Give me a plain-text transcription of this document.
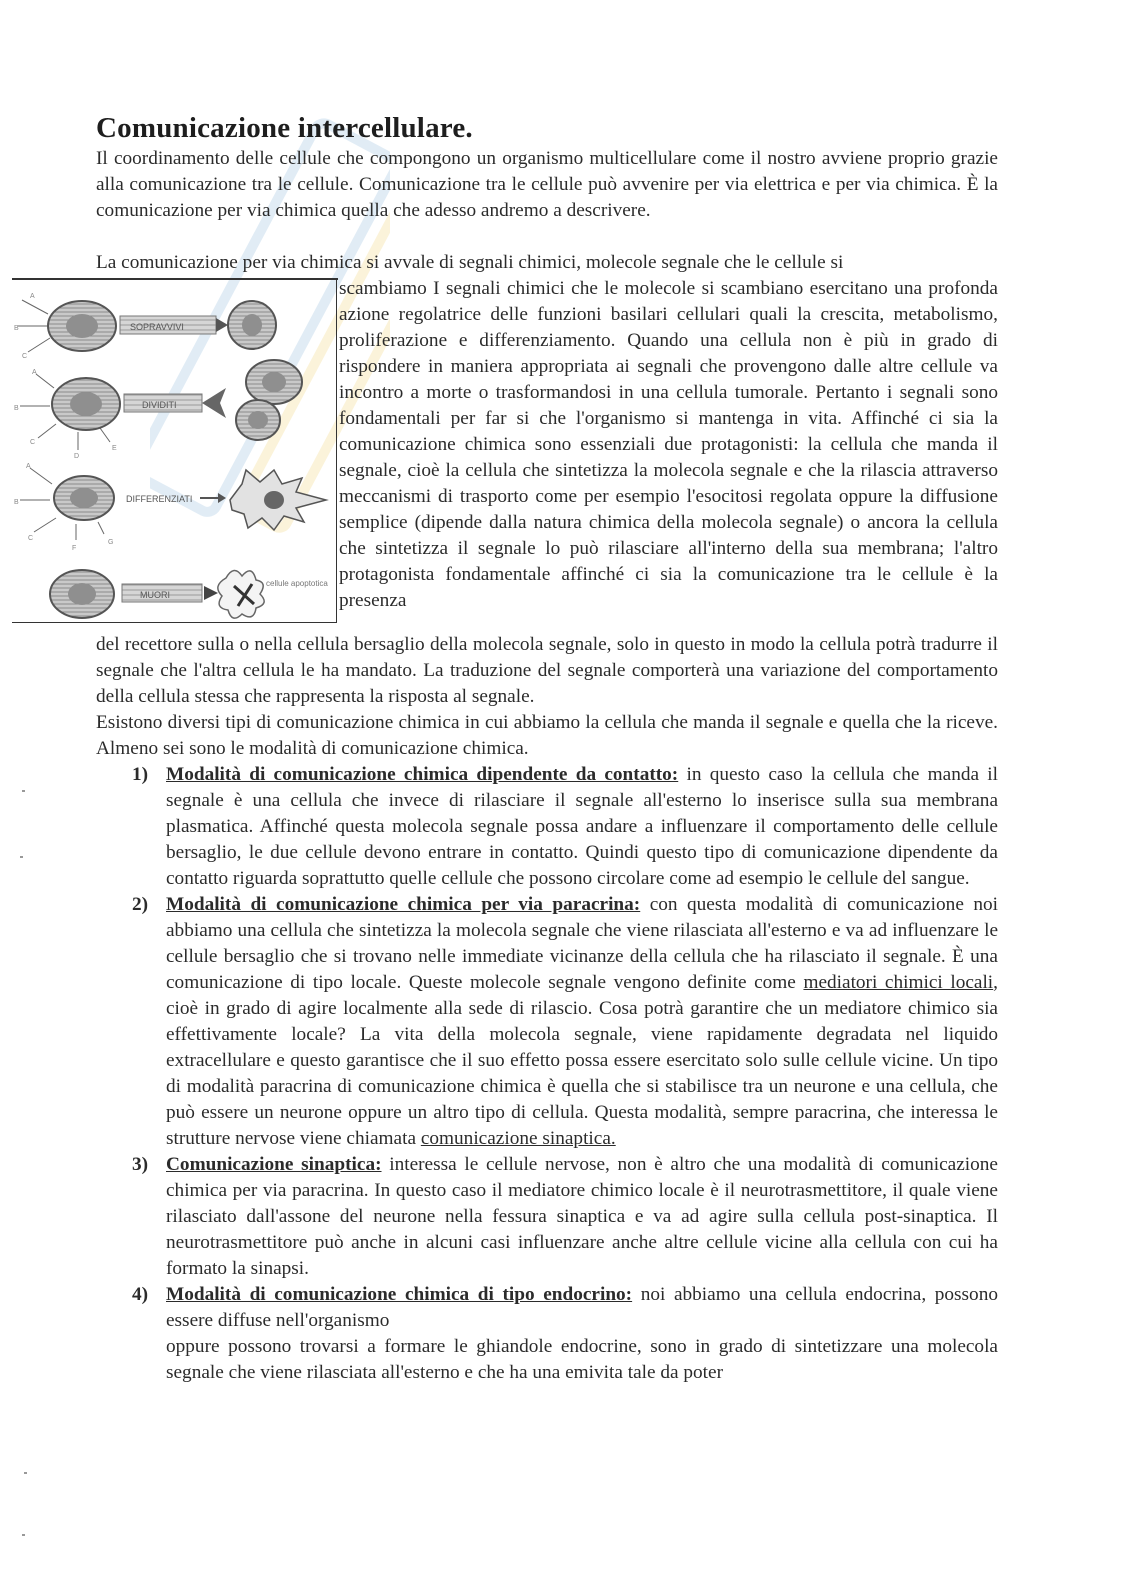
Comunicazione intercellulare.
Il coordinamento delle cellule che compongono un organismo multicellulare come il nostro avviene proprio grazie alla comunicazione tra le cellule. Comunicazione tra le cellule può avvenire per via elettrica e per via chimica. È la comunicazione per via chimica quella che adesso andremo a descrivere.
La comunicazione per via chimica si avvale di segnali chimici, molecole segnale che le cellule si
SOPRAVVIVI
DIVIDITI
DIFFERENZIATI
MUORI
cellule apoptotica
A
B
C
A
B
C
D
E
A
B
C
F
G
scambiamo I segnali chimici che le molecole si scambiano esercitano una profonda azione regolatrice delle funzioni basilari cellulari quali la crescita, metabolismo, proliferazione e differenziamento. Quando una cellula non è più in grado di rispondere in maniera appropriata ai segnali che provengono dalle altre cellule va incontro a morte o trasformandosi in una cellula tumorale. Pertanto i segnali sono fondamentali per far si che l'organismo si mantenga in vita. Affinché ci sia la comunicazione chimica sono essenziali due protagonisti: la cellula che manda il segnale, cioè la cellula che sintetizza la molecola segnale e che la rilascia attraverso meccanismi di trasporto come per esempio l'esocitosi regolata oppure la diffusione semplice (dipende dalla natura chimica della molecola segnale) o ancora la cellula che sintetizza il segnale lo può rilasciare all'interno della sua membrana; l'altro protagonista fondamentale affinché ci sia la comunicazione tra le cellule è la presenza
del recettore sulla o nella cellula bersaglio della molecola segnale, solo in questo in modo la cellula potrà tradurre il segnale che l'altra cellula le ha mandato. La traduzione del segnale comporterà una variazione del comportamento della cellula stessa che rappresenta la risposta al segnale.
Esistono diversi tipi di comunicazione chimica in cui abbiamo la cellula che manda il segnale e quella che la riceve. Almeno sei sono le modalità di comunicazione chimica.
1) Modalità di comunicazione chimica dipendente da contatto: in questo caso la cellula che manda il segnale è una cellula che invece di rilasciare il segnale all'esterno lo inserisce sulla sua membrana plasmatica. Affinché questa molecola segnale possa andare a influenzare il comportamento delle cellule bersaglio, le due cellule devono entrare in contatto. Quindi questo tipo di comunicazione dipendente da contatto riguarda soprattutto quelle cellule che possono circolare come ad esempio le cellule del sangue.
2) Modalità di comunicazione chimica per via paracrina: con questa modalità di comunicazione noi abbiamo una cellula che sintetizza la molecola segnale che viene rilasciata all'esterno e va ad influenzare le cellule bersaglio che si trovano nelle immediate vicinanze della cellula che ha rilasciato il segnale. È una comunicazione di tipo locale. Queste molecole segnale vengono definite come mediatori chimici locali, cioè in grado di agire localmente alla sede di rilascio. Cosa potrà garantire che un mediatore chimico sia effettivamente locale? La vita della molecola segnale, viene rapidamente degradata nel liquido extracellulare e questo garantisce che il suo effetto possa essere esercitato solo sulle cellule vicine. Un tipo di modalità paracrina di comunicazione chimica è quella che si stabilisce tra un neurone e una cellula, che può essere un neurone oppure un altro tipo di cellula. Questa modalità, sempre paracrina, che interessa le strutture nervose viene chiamata comunicazione sinaptica.
3) Comunicazione sinaptica: interessa le cellule nervose, non è altro che una modalità di comunicazione chimica per via paracrina. In questo caso il mediatore chimico locale è il neurotrasmettitore, il quale viene rilasciato dall'assone del neurone nella fessura sinaptica e va ad agire sulla cellula post-sinaptica. Il neurotrasmettitore può anche in alcuni casi influenzare anche altre cellule vicine alla cellula con cui ha formato la sinapsi.
4) Modalità di comunicazione chimica di tipo endocrino: noi abbiamo una cellula endocrina, possono essere diffuse nell'organismo
oppure possono trovarsi a formare le ghiandole endocrine, sono in grado di sintetizzare una molecola segnale che viene rilasciata all'esterno e che ha una emivita tale da poter
